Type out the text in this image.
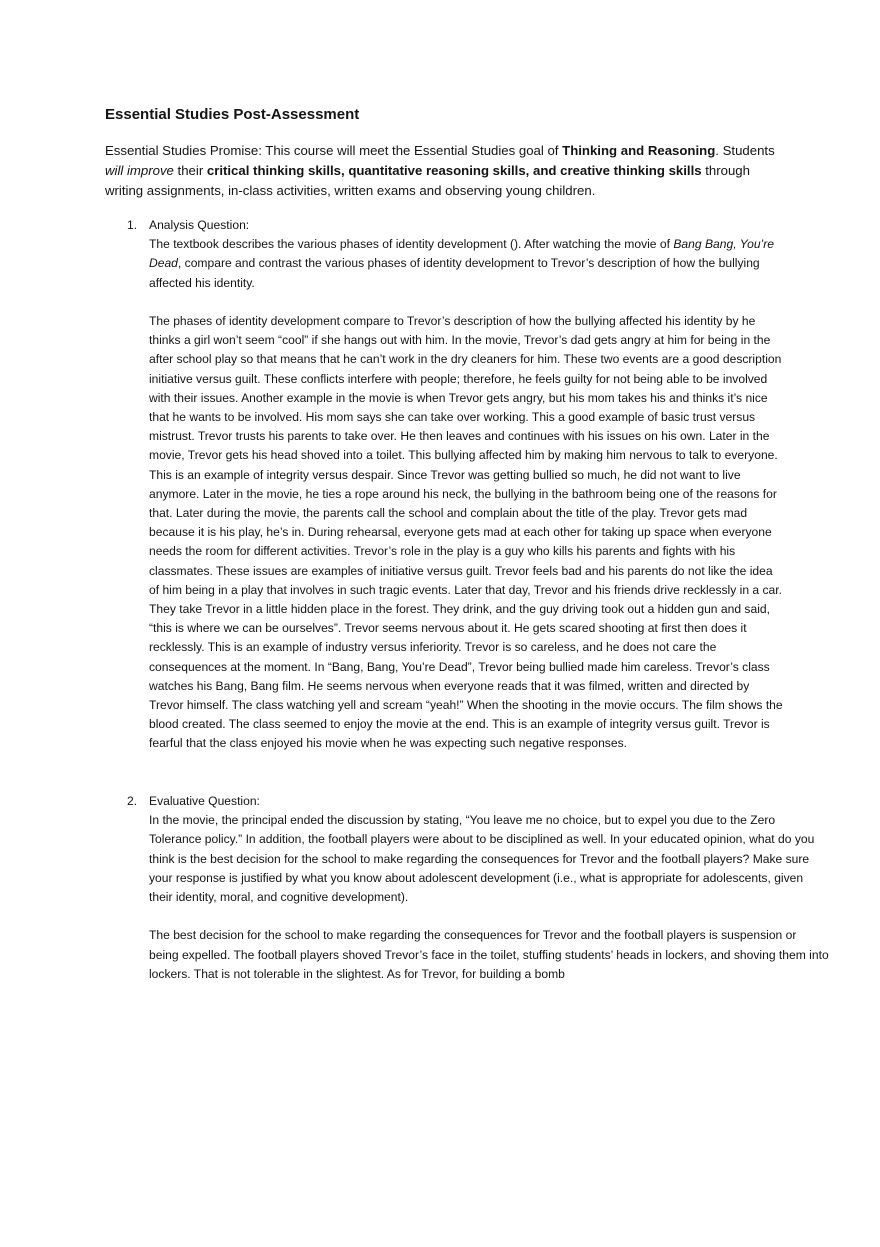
Essential Studies Post-Assessment

Essential Studies Promise: This course will meet the Essential Studies goal of Thinking and Reasoning. Students will improve their critical thinking skills, quantitative reasoning skills, and creative thinking skills through writing assignments, in-class activities, written exams and observing young children.

1. Analysis Question:

The textbook describes the various phases of identity development (). After watching the movie of Bang Bang, You’re Dead, compare and contrast the various phases of identity development to Trevor’s description of how the bullying affected his identity.

The phases of identity development compare to Trevor’s description of how the bullying affected his identity by he thinks a girl won’t seem “cool” if she hangs out with him. In the movie, Trevor’s dad gets angry at him for being in the after school play so that means that he can’t work in the dry cleaners for him. These two events are a good description initiative versus guilt. These conflicts interfere with people; therefore, he feels guilty for not being able to be involved with their issues. Another example in the movie is when Trevor gets angry, but his mom takes his and thinks it’s nice that he wants to be involved. His mom says she can take over working. This a good example of basic trust versus mistrust. Trevor trusts his parents to take over. He then leaves and continues with his issues on his own. Later in the movie, Trevor gets his head shoved into a toilet. This bullying affected him by making him nervous to talk to everyone. This is an example of integrity versus despair. Since Trevor was getting bullied so much, he did not want to live anymore. Later in the movie, he ties a rope around his neck, the bullying in the bathroom being one of the reasons for that. Later during the movie, the parents call the school and complain about the title of the play. Trevor gets mad because it is his play, he’s in. During rehearsal, everyone gets mad at each other for taking up space when everyone needs the room for different activities. Trevor’s role in the play is a guy who kills his parents and fights with his classmates. These issues are examples of initiative versus guilt. Trevor feels bad and his parents do not like the idea of him being in a play that involves in such tragic events. Later that day, Trevor and his friends drive recklessly in a car. They take Trevor in a little hidden place in the forest. They drink, and the guy driving took out a hidden gun and said, “this is where we can be ourselves”. Trevor seems nervous about it. He gets scared shooting at first then does it recklessly. This is an example of industry versus inferiority. Trevor is so careless, and he does not care the consequences at the moment. In “Bang, Bang, You’re Dead”, Trevor being bullied made him careless. Trevor’s class watches his Bang, Bang film. He seems nervous when everyone reads that it was filmed, written and directed by Trevor himself. The class watching yell and scream “yeah!” When the shooting in the movie occurs. The film shows the blood created. The class seemed to enjoy the movie at the end. This is an example of integrity versus guilt. Trevor is fearful that the class enjoyed his movie when he was expecting such negative responses.

2. Evaluative Question:

In the movie, the principal ended the discussion by stating, “You leave me no choice, but to expel you due to the Zero Tolerance policy.” In addition, the football players were about to be disciplined as well. In your educated opinion, what do you think is the best decision for the school to make regarding the consequences for Trevor and the football players? Make sure your response is justified by what you know about adolescent development (i.e., what is appropriate for adolescents, given their identity, moral, and cognitive development).

The best decision for the school to make regarding the consequences for Trevor and the football players is suspension or being expelled. The football players shoved Trevor’s face in the toilet, stuffing students’ heads in lockers, and shoving them into lockers. That is not tolerable in the slightest. As for Trevor, for building a bomb
